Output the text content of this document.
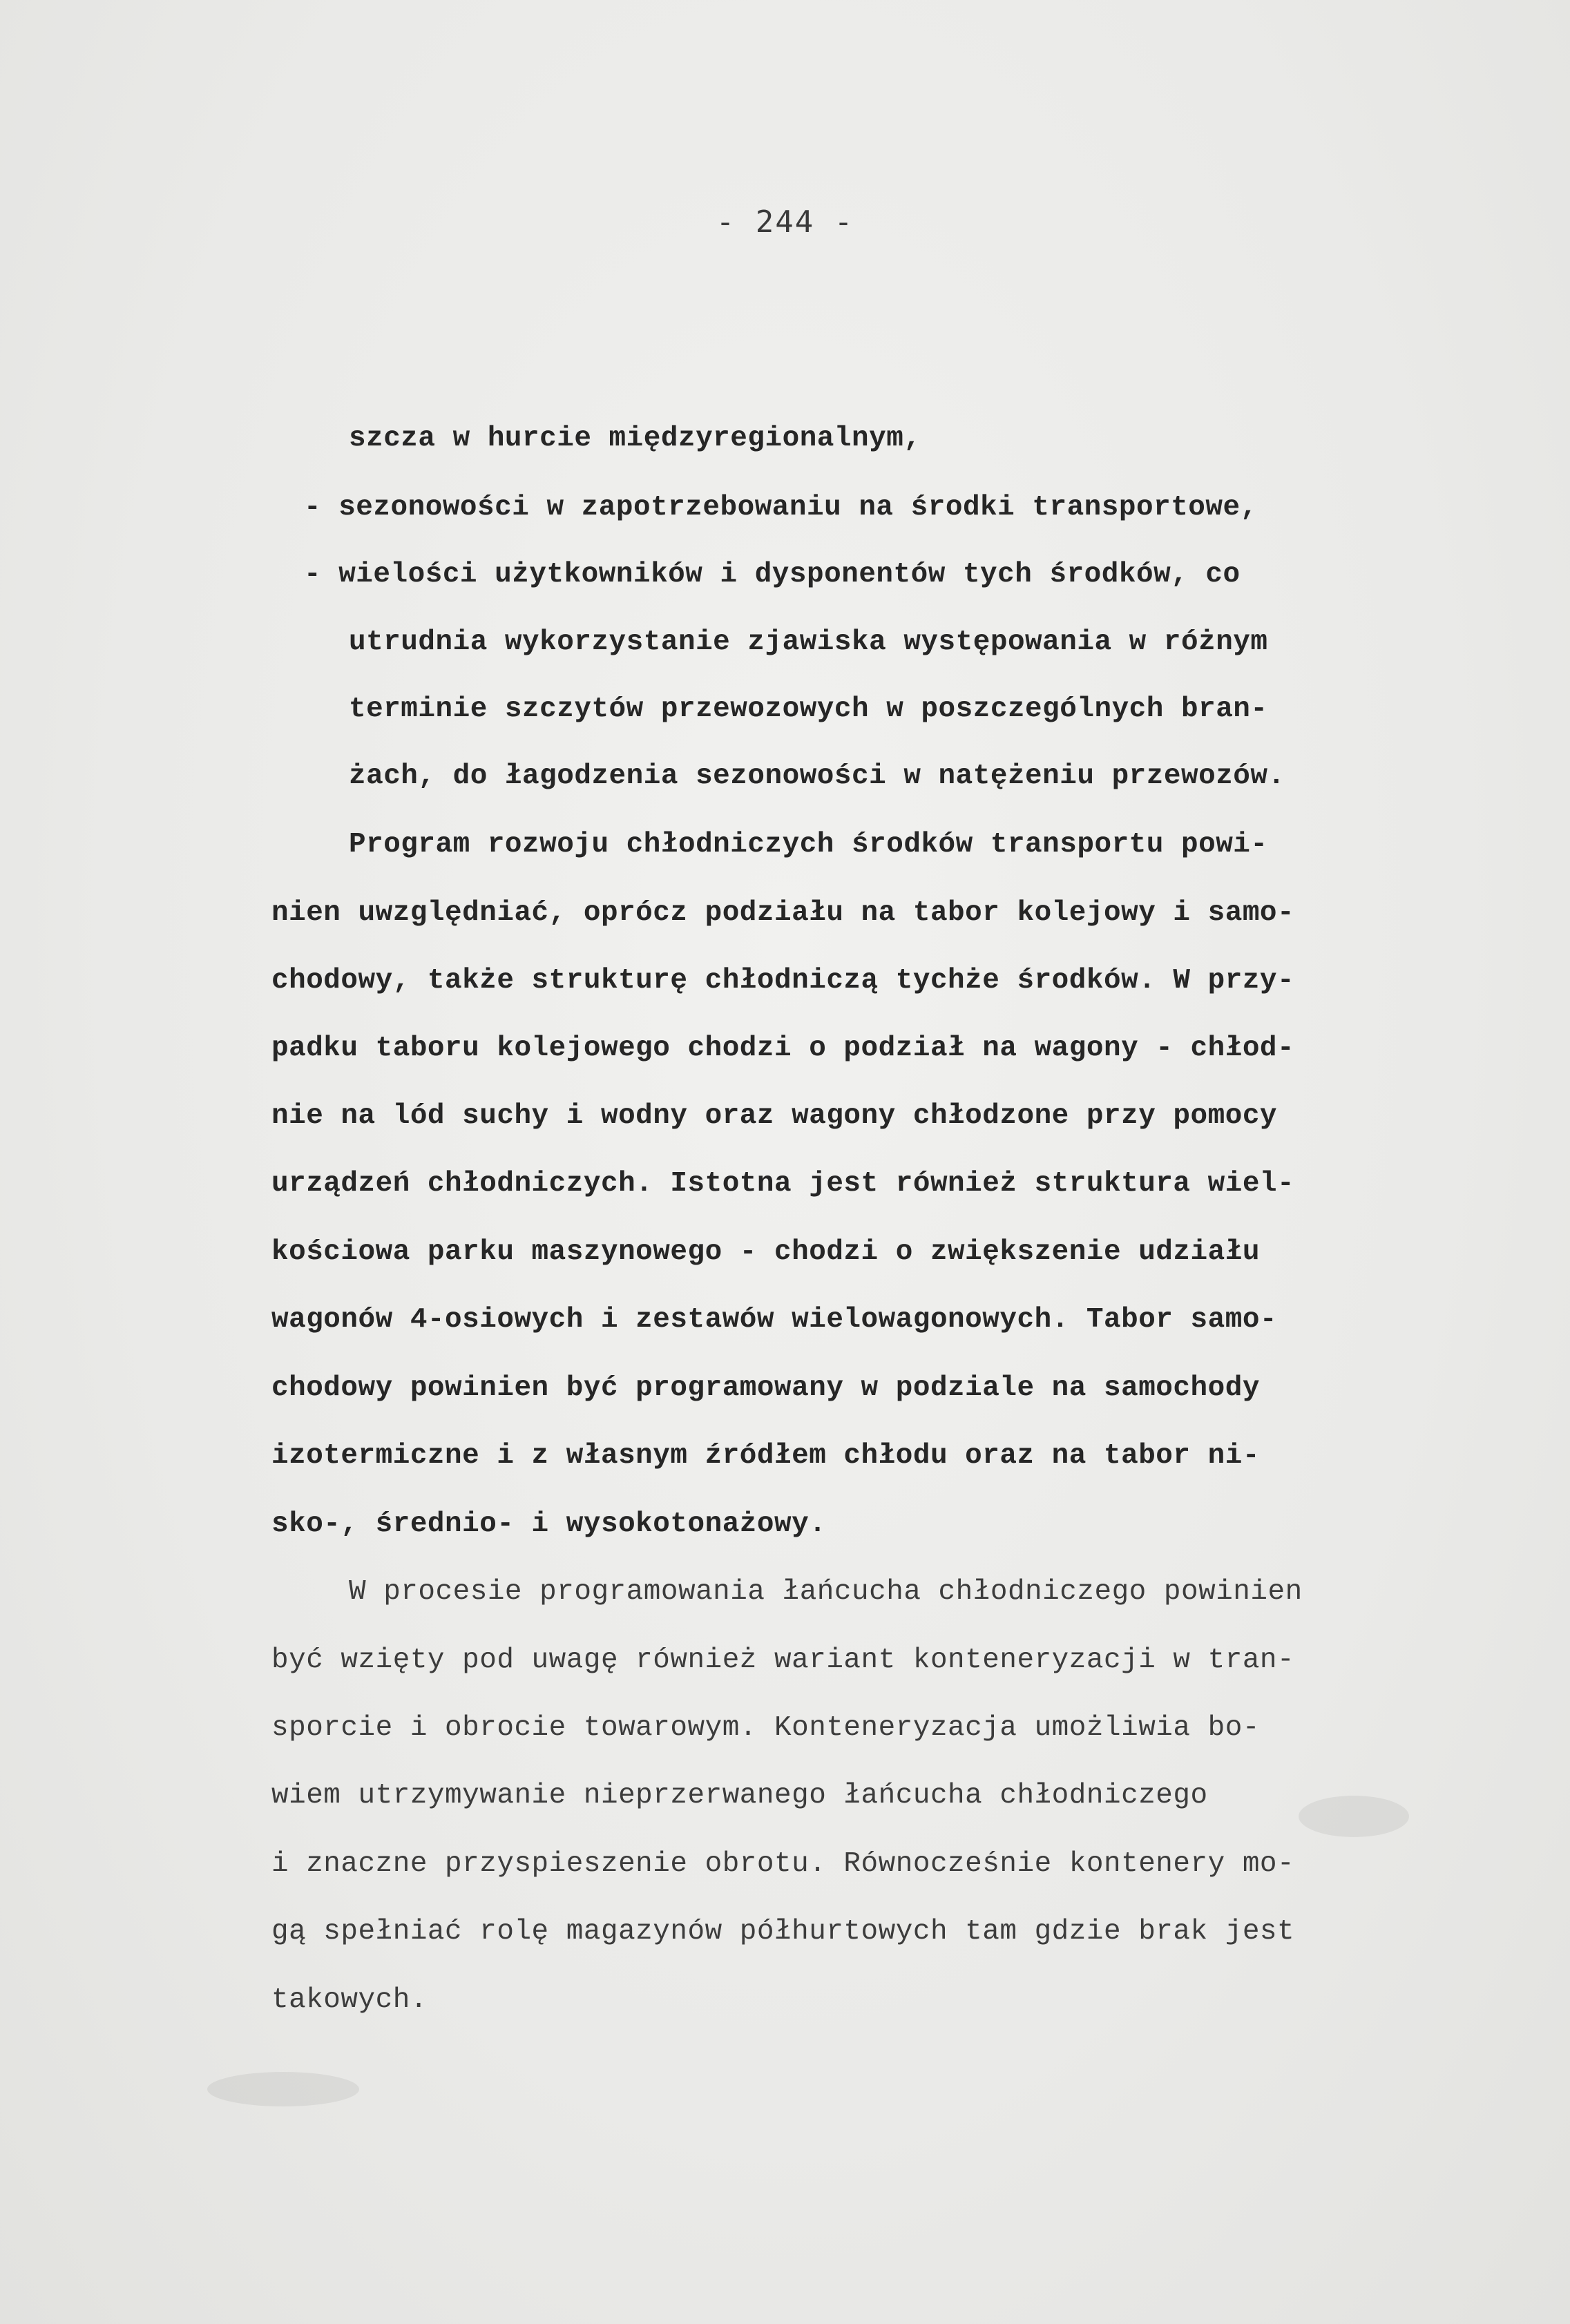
- 244 -
szcza w hurcie międzyregionalnym,
- sezonowości w zapotrzebowaniu na środki transportowe,
- wielości użytkowników i dysponentów tych środków, co
utrudnia wykorzystanie zjawiska występowania w różnym
terminie szczytów przewozowych w poszczególnych bran-
żach, do łagodzenia sezonowości w natężeniu przewozów.
Program rozwoju chłodniczych środków transportu powi-
nien uwzględniać, oprócz podziału na tabor kolejowy i samo-
chodowy, także strukturę chłodniczą tychże środków. W przy-
padku taboru kolejowego chodzi o podział na wagony - chłod-
nie na lód suchy i wodny oraz wagony chłodzone przy pomocy
urządzeń chłodniczych. Istotna jest również struktura wiel-
kościowa parku maszynowego - chodzi o zwiększenie udziału
wagonów 4-osiowych i zestawów wielowagonowych. Tabor samo-
chodowy powinien być programowany w podziale na samochody
izotermiczne i z własnym źródłem chłodu oraz na tabor ni-
sko-, średnio- i wysokotonażowy.
W procesie programowania łańcucha chłodniczego powinien
być wzięty pod uwagę również wariant konteneryzacji w tran-
sporcie i obrocie towarowym. Konteneryzacja umożliwia bo-
wiem utrzymywanie nieprzerwanego łańcucha chłodniczego
i znaczne przyspieszenie obrotu. Równocześnie kontenery mo-
gą spełniać rolę magazynów półhurtowych tam gdzie brak jest
takowych.
